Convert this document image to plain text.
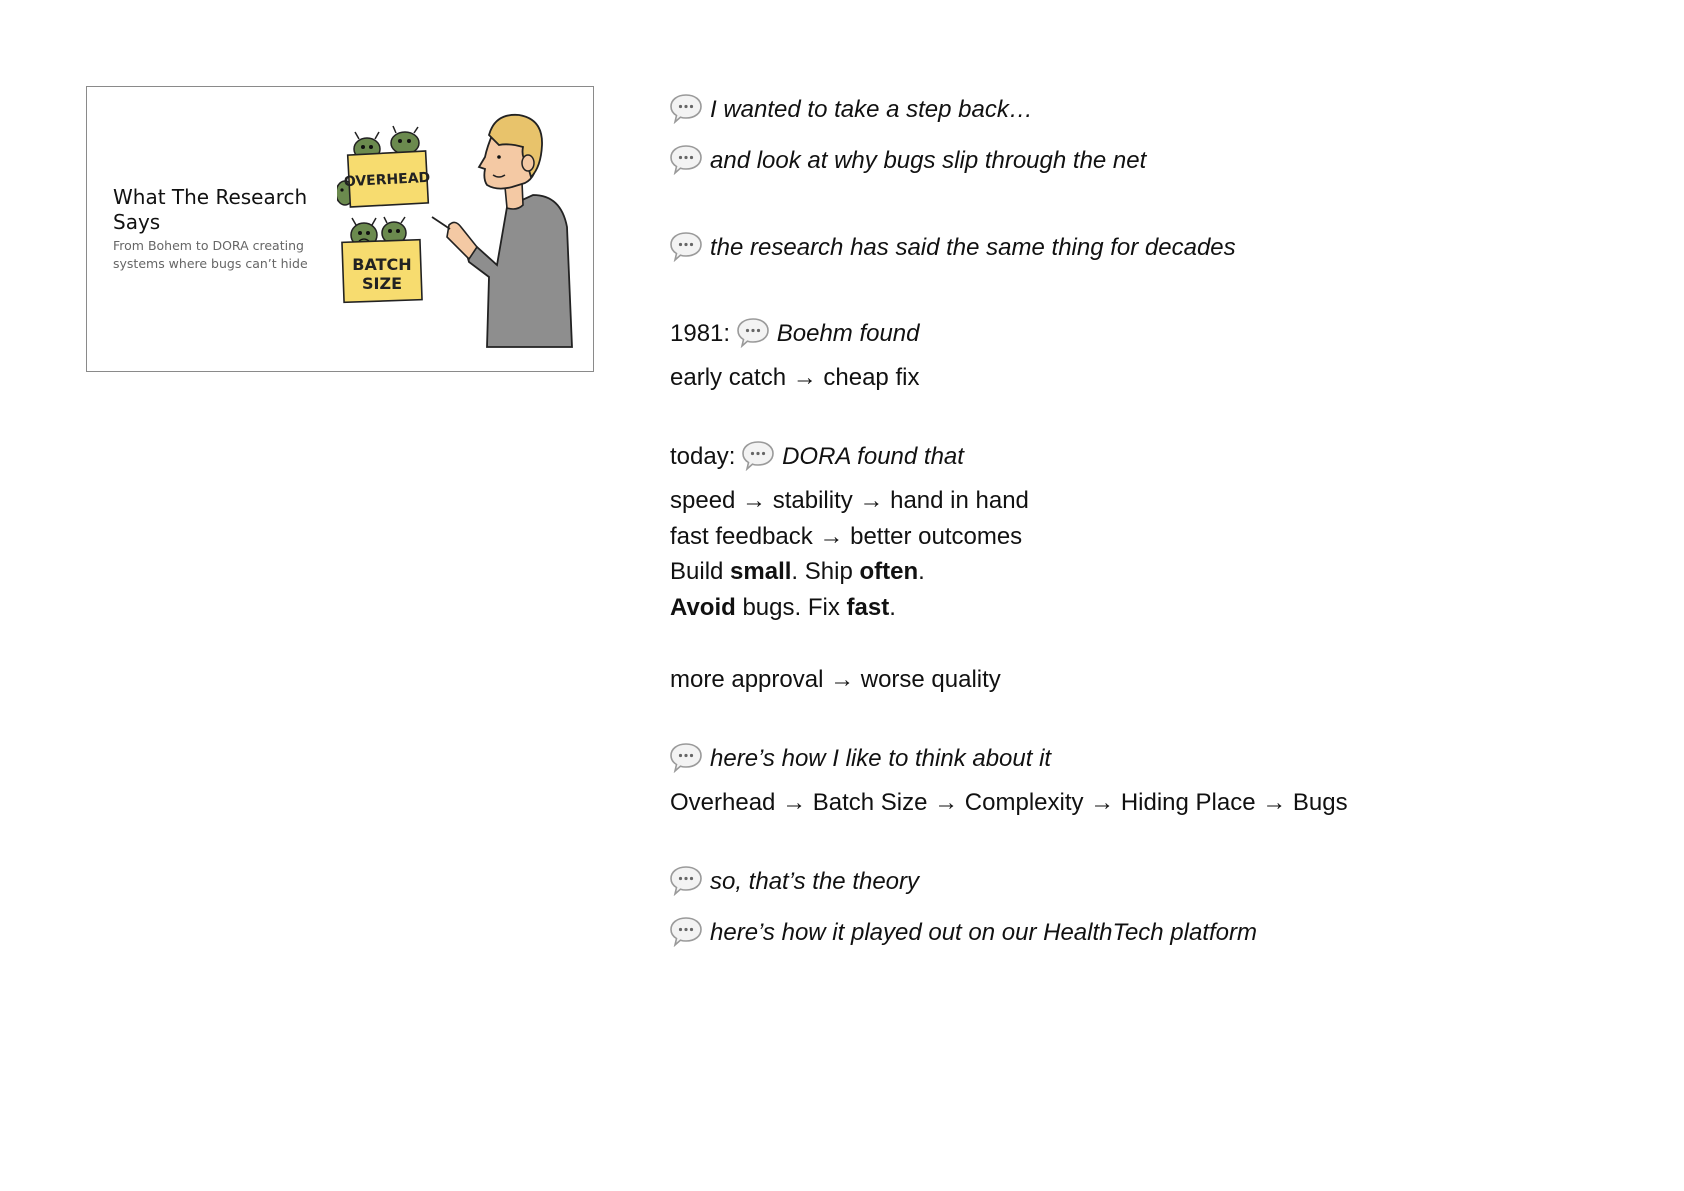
What The Research Says
From Bohem to DORA creating systems where bugs can’t hide
OVERHEAD
BATCH
SIZE
I wanted to take a step back…
and look at why bugs slip through the net
the research has said the same thing for decades
1981: Boehm found
early catch → cheap fix
today: DORA found that
speed → stability → hand in hand
fast feedback → better outcomes
Build small. Ship often.
Avoid bugs. Fix fast.
more approval → worse quality
here’s how I like to think about it
Overhead → Batch Size → Complexity → Hiding Place → Bugs
so, that’s the theory
here’s how it played out on our HealthTech platform
